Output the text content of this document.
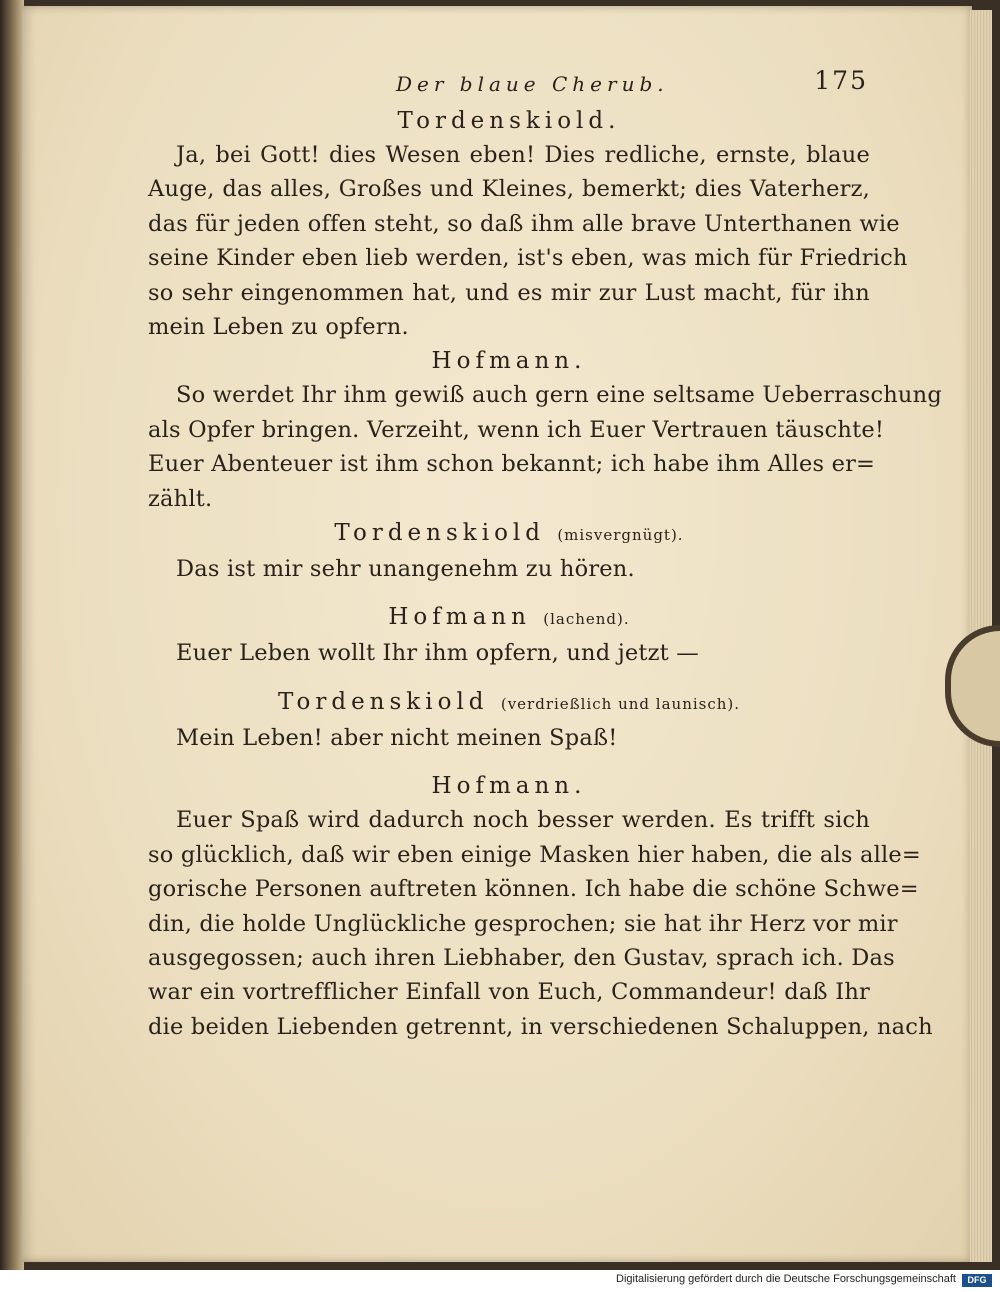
Der blaue Cherub.	175

Tordenskiold.

Ja, bei Gott! dies Wesen eben! Dies redliche, ernste, blaue

Auge, das alles, Großes und Kleines, bemerkt; dies Vaterherz,

das für jeden offen steht, so daß ihm alle brave Unterthanen wie

seine Kinder eben lieb werden, ist's eben, was mich für Friedrich

so sehr eingenommen hat, und es mir zur Lust macht, für ihn

mein Leben zu opfern.

Hofmann.

So werdet Ihr ihm gewiß auch gern eine seltsame Ueberraschung

als Opfer bringen. Verzeiht, wenn ich Euer Vertrauen täuschte!

Euer Abenteuer ist ihm schon bekannt; ich habe ihm Alles er=

zählt.

Tordenskiold (misvergnügt).

Das ist mir sehr unangenehm zu hören.

Hofmann (lachend).

Euer Leben wollt Ihr ihm opfern, und jetzt —

Tordenskiold (verdrießlich und launisch).

Mein Leben! aber nicht meinen Spaß!

Hofmann.

Euer Spaß wird dadurch noch besser werden. Es trifft sich

so glücklich, daß wir eben einige Masken hier haben, die als alle=

gorische Personen auftreten können. Ich habe die schöne Schwe=

din, die holde Unglückliche gesprochen; sie hat ihr Herz vor mir

ausgegossen; auch ihren Liebhaber, den Gustav, sprach ich. Das

war ein vortrefflicher Einfall von Euch, Commandeur! daß Ihr

die beiden Liebenden getrennt, in verschiedenen Schaluppen, nach

Digitalisierung gefördert durch die Deutsche Forschungsgemeinschaft	DFG
